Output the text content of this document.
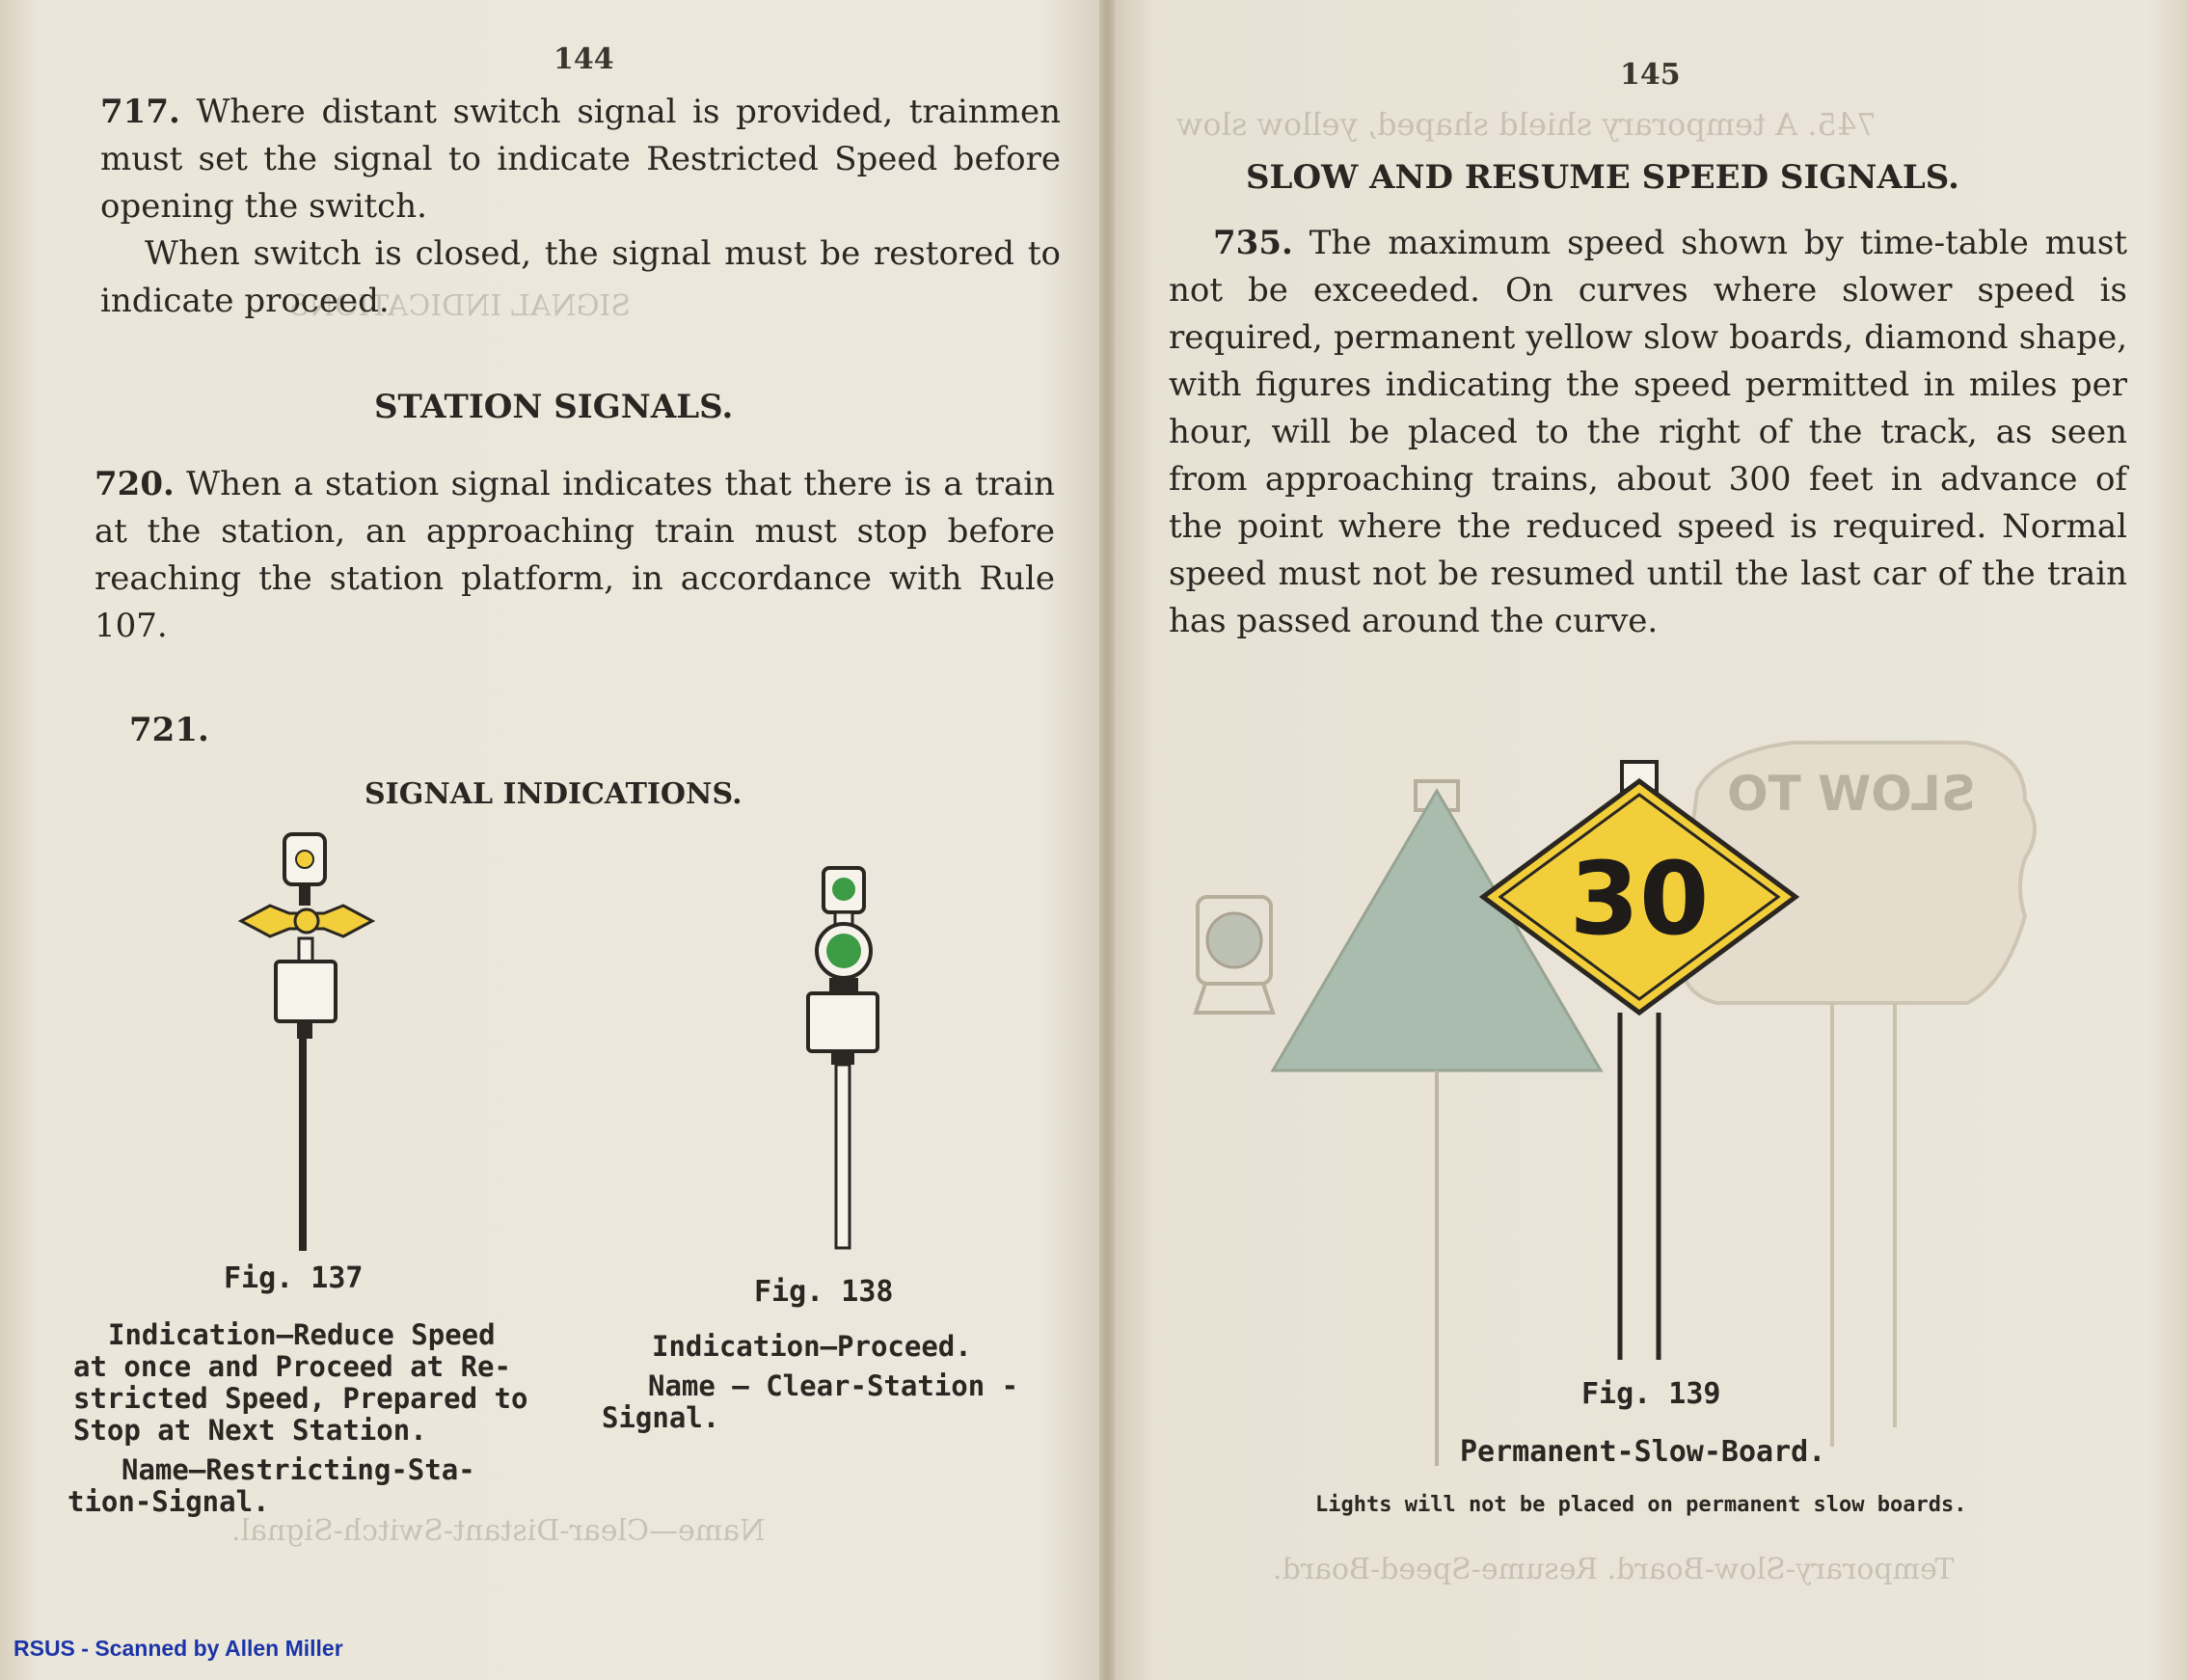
SIGNAL INDICATIONS
Name—Clear-Distant-Switch-Signal.
745. A temporary shield shaped, yellow slow
Temporary-Slow-Board. Resume-Speed-Board.
144

717. Where distant switch signal is provided, trainmen must set the signal to indicate Restricted Speed before opening the switch.

When switch is closed, the signal must be restored to indicate proceed.

STATION SIGNALS.

720. When a station signal indicates that there is a train at the station, an approaching train must stop before reaching the station platform, in accordance with Rule 107.

721.
SIGNAL INDICATIONS.
Fig. 137
Indication—Reduce Speed
at once and Proceed at Re-
stricted Speed, Prepared to
Stop at Next Station.
Name—Restricting-Sta-
tion-Signal.
Fig. 138
Indication—Proceed.
Name — Clear-Station -
Signal.
145
SLOW AND RESUME SPEED SIGNALS.

735. The maximum speed shown by time-table must not be exceeded. On curves where slower speed is required, permanent yellow slow boards, diamond shape, with figures indicating the speed permitted in miles per hour, will be placed to the right of the track, as seen from approaching trains, about 300 feet in advance of the point where the reduced speed is required. Normal speed must not be resumed until the last car of the train has passed around the curve.

SLOW TO
30
Fig. 139
Permanent-Slow-Board.
Lights will not be placed on permanent slow boards.
RSUS - Scanned by Allen Miller
